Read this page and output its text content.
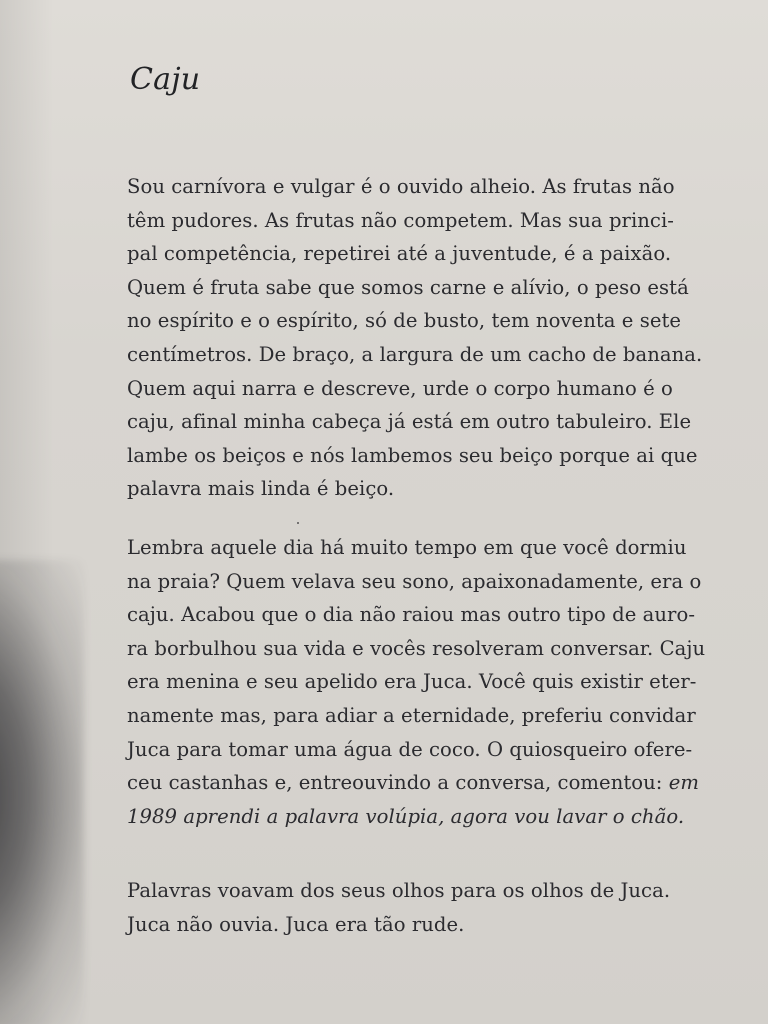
Caju
Sou carnívora e vulgar é o ouvido alheio. As frutas não
têm pudores. As frutas não competem. Mas sua princi-
pal competência, repetirei até a juventude, é a paixão.
Quem é fruta sabe que somos carne e alívio, o peso está
no espírito e o espírito, só de busto, tem noventa e sete
centímetros. De braço, a largura de um cacho de banana.
Quem aqui narra e descreve, urde o corpo humano é o
caju, afinal minha cabeça já está em outro tabuleiro. Ele
lambe os beiços e nós lambemos seu beiço porque ai que
palavra mais linda é beiço.
Lembra aquele dia há muito tempo em que você dormiu
na praia? Quem velava seu sono, apaixonadamente, era o
caju. Acabou que o dia não raiou mas outro tipo de auro-
ra borbulhou sua vida e vocês resolveram conversar. Caju
era menina e seu apelido era Juca. Você quis existir eter-
namente mas, para adiar a eternidade, preferiu convidar
Juca para tomar uma água de coco. O quiosqueiro ofere-
ceu castanhas e, entreouvindo a conversa, comentou: em
1989 aprendi a palavra volúpia, agora vou lavar o chão.
Palavras voavam dos seus olhos para os olhos de Juca.
Juca não ouvia. Juca era tão rude.
